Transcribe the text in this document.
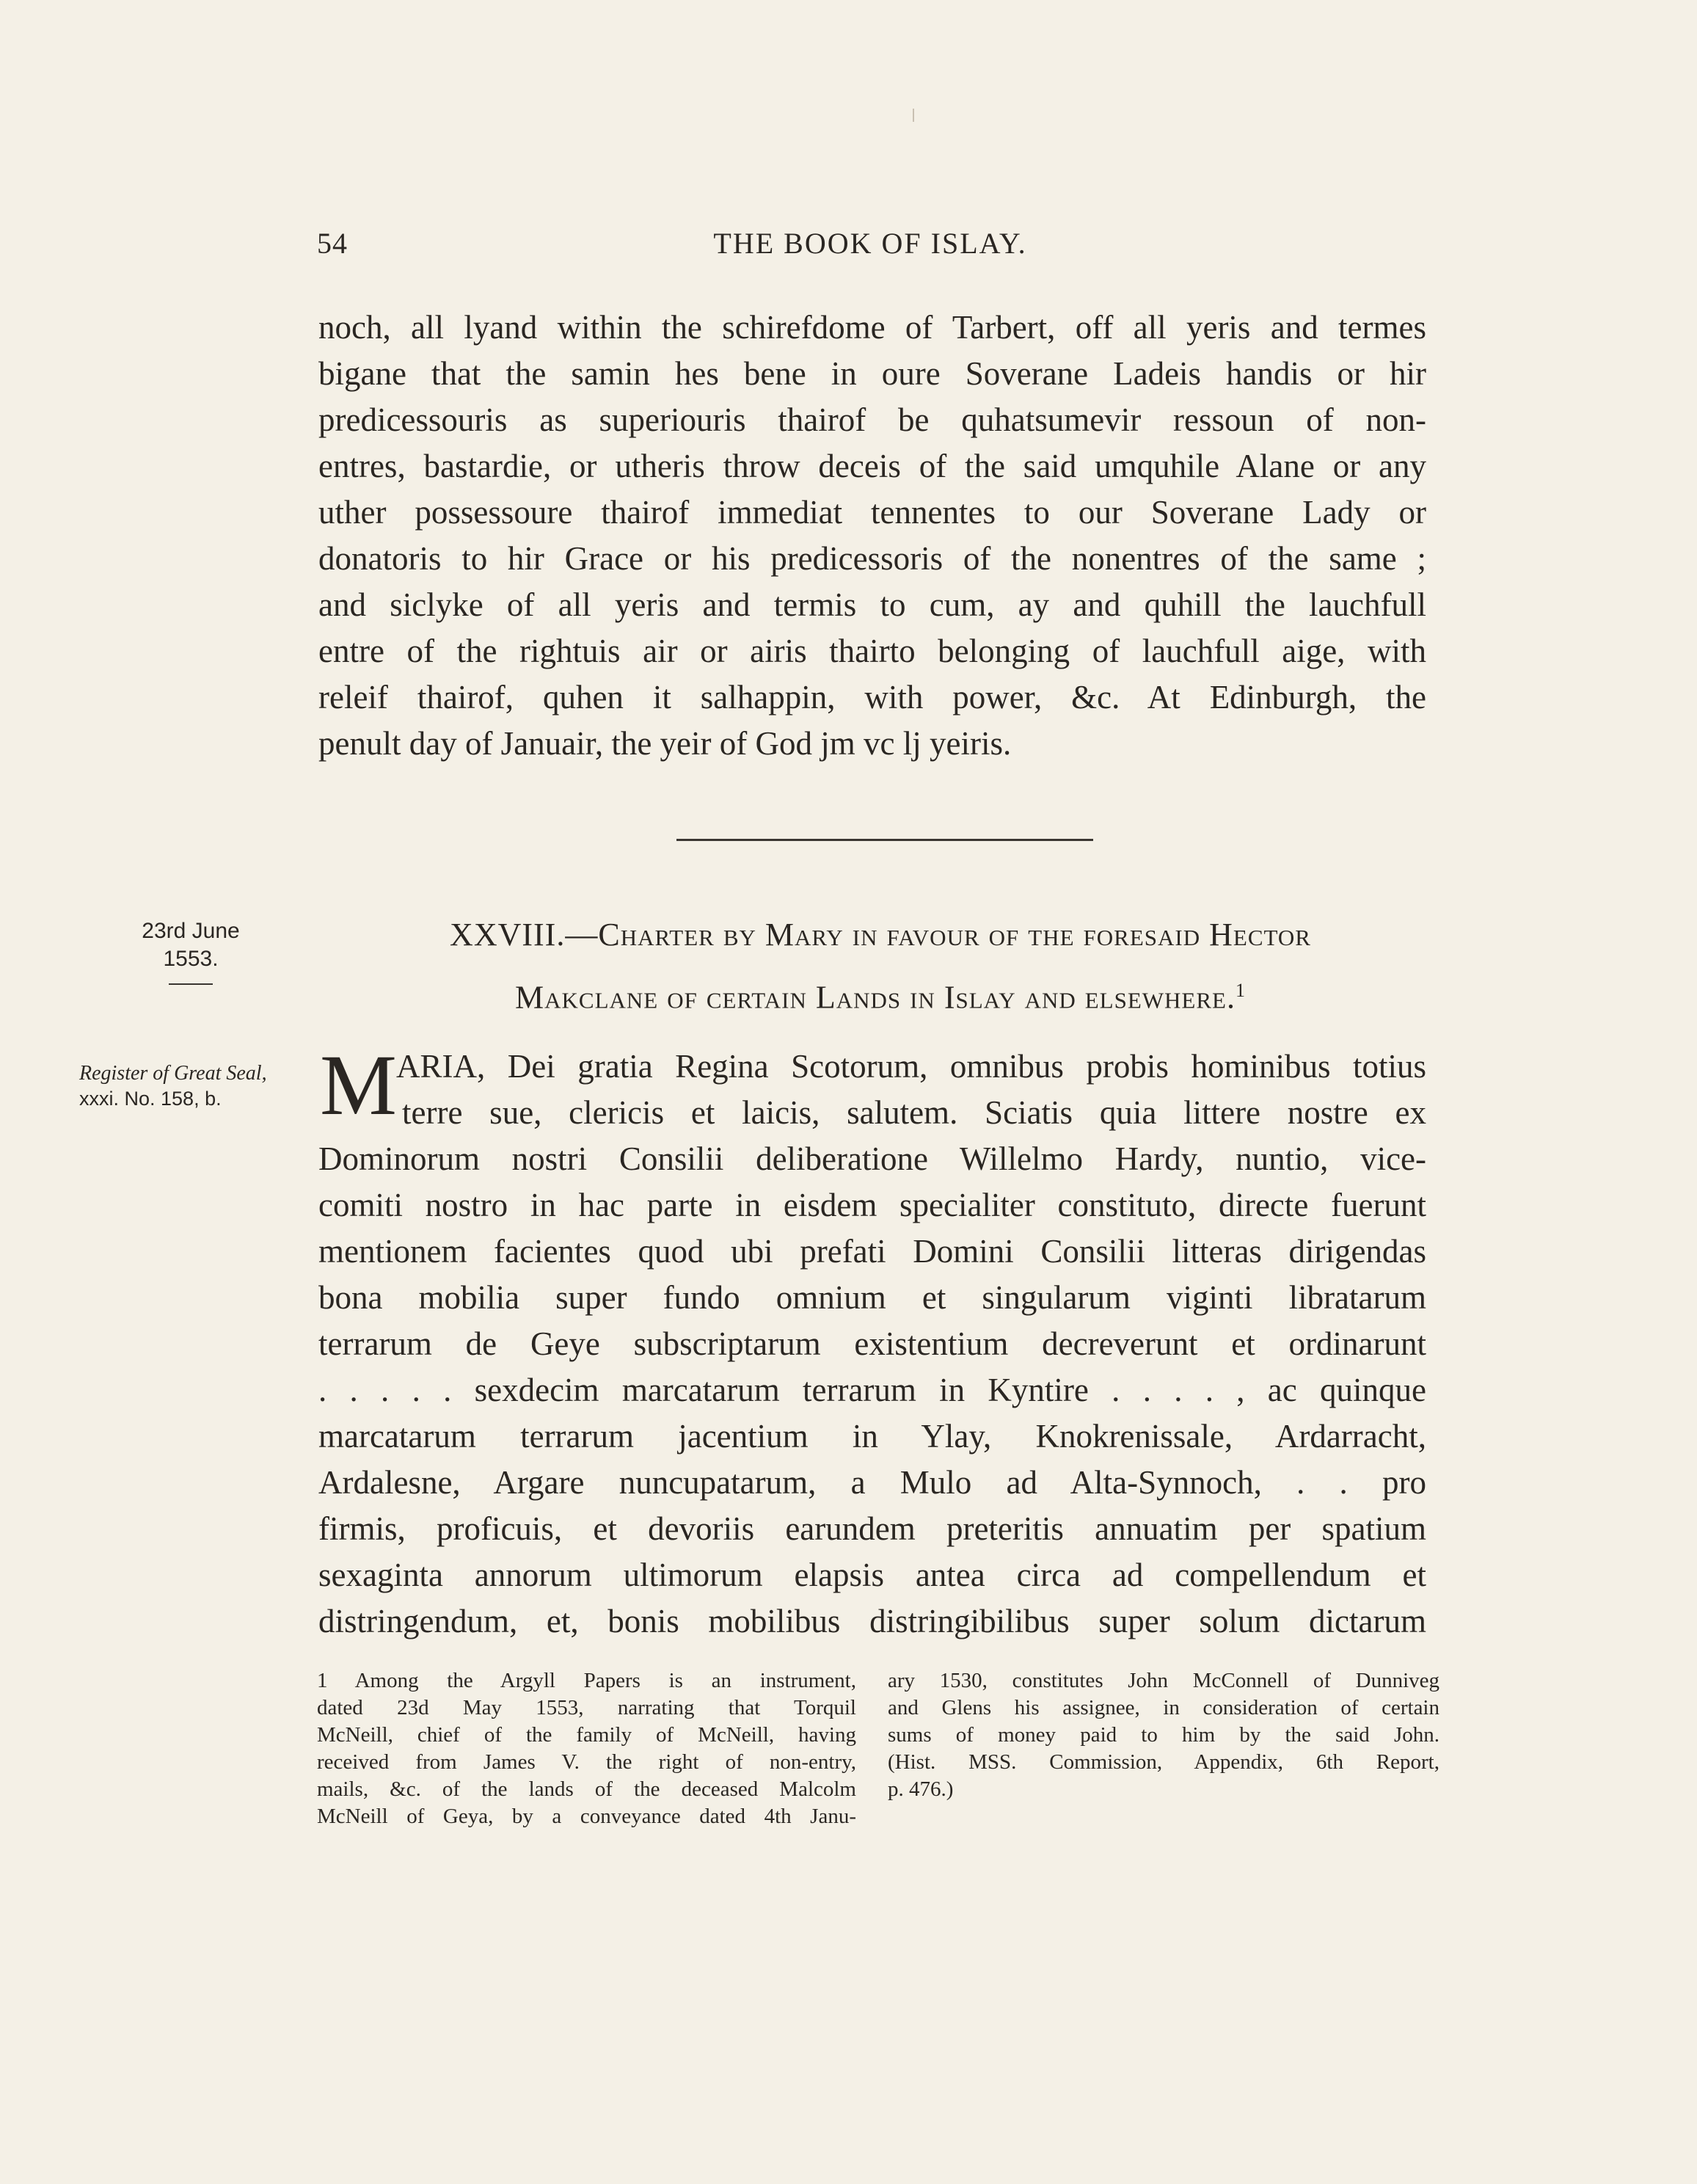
54	THE BOOK OF ISLAY.
noch, all lyand within the schirefdome of Tarbert, off all yeris and termes
bigane that the samin hes bene in oure Soverane Ladeis handis or hir
predicessouris as superiouris thairof be quhatsumevir ressoun of non-
entres, bastardie, or utheris throw deceis of the said umquhile Alane or any
uther possessoure thairof immediat tennentes to our Soverane Lady or
donatoris to hir Grace or his predicessoris of the nonentres of the same ;
and siclyke of all yeris and termis to cum, ay and quhill the lauchfull
entre of the rightuis air or airis thairto belonging of lauchfull aige, with
releif thairof, quhen it salhappin, with power, &c. At Edinburgh, the
penult day of Januair, the yeir of God jm vc lj yeiris.
23rd June
1553.
XXVIII.—Charter by Mary in favour of the foresaid Hector
Makclane of certain Lands in Islay and elsewhere.$^1$
Register of Great Seal,
xxxi. No. 158, b.	M ARIA, Dei gratia Regina Scotorum, omnibus probis hominibus totius
terre sue, clericis et laicis, salutem. Sciatis quia littere nostre ex
Dominorum nostri Consilii deliberatione Willelmo Hardy, nuntio, vice-
comiti nostro in hac parte in eisdem specialiter constituto, directe fuerunt
mentionem facientes quod ubi prefati Domini Consilii litteras dirigendas
bona mobilia super fundo omnium et singularum viginti libratarum
terrarum de Geye subscriptarum existentium decreverunt et ordinarunt
. . . . . sexdecim marcatarum terrarum in Kyntire . . . . , ac quinque
marcatarum terrarum jacentium in Ylay, Knokrenissale, Ardarracht,
Ardalesne, Argare nuncupatarum, a Mulo ad Alta-Synnoch, . . pro
firmis, proficuis, et devoriis earundem preteritis annuatim per spatium
sexaginta annorum ultimorum elapsis antea circa ad compellendum et
distringendum, et, bonis mobilibus distringibilibus super solum dictarum
1 Among the Argyll Papers is an instrument,
dated 23d May 1553, narrating that Torquil
McNeill, chief of the family of McNeill, having
received from James V. the right of non-entry,
mails, &c. of the lands of the deceased Malcolm
McNeill of Geya, by a conveyance dated 4th Janu-
ary 1530, constitutes John McConnell of Dunniveg
and Glens his assignee, in consideration of certain
sums of money paid to him by the said John.
(Hist. MSS. Commission, Appendix, 6th Report,
p. 476.)
